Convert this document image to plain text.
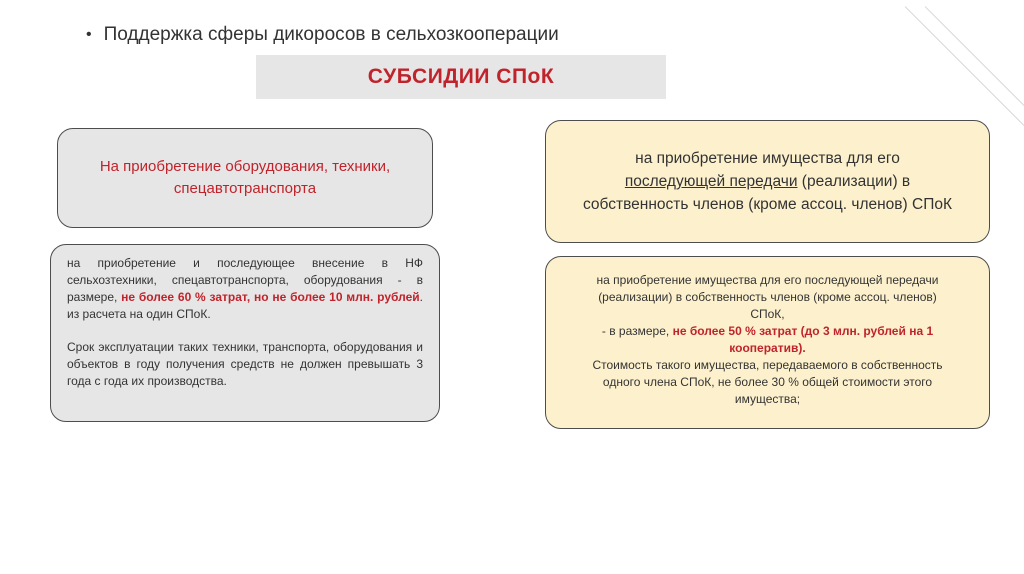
• Поддержка сферы дикоросов в сельхозкооперации
СУБСИДИИ СПоК
На приобретение оборудования, техники,
спецавтотранспорта
на приобретение имущества для его
последующей передачи (реализации) в
собственность членов (кроме ассоц. членов) СПоК

на приобретение и последующее внесение в НФ сельхозтехники, спецавтотранспорта, оборудования - в размере, не более 60 % затрат, но не более 10 млн. рублей. из расчета на один СПоК.

Срок эксплуатации таких техники, транспорта, оборудования и объектов в году получения средств не должен превышать 3 года с года их производства.

на приобретение имущества для его последующей передачи

(реализации) в собственность членов (кроме ассоц. членов)

СПоК,

- в размере, не более 50 % затрат (до 3 млн. рублей на 1

кооператив).

Стоимость такого имущества, передаваемого в собственность

одного члена СПоК, не более 30 % общей стоимости этого

имущества;
